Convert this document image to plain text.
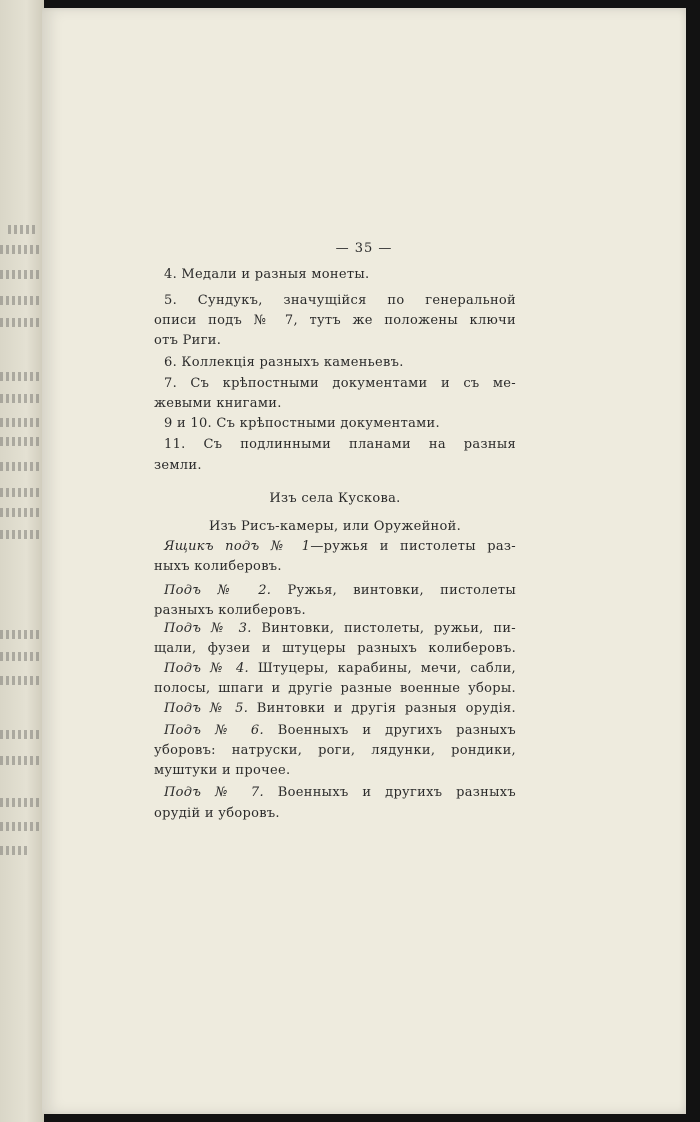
— 35 —
4. Медали и разныя монеты.
5. Сундукъ, значущійся по генеральной
описи подъ № 7, тутъ же положены ключи
отъ Риги.
6. Коллекція разныхъ каменьевъ.
7. Съ крѣпостными документами и съ ме-
жевыми книгами.
9 и 10. Съ крѣпостными документами.
11. Съ подлинными планами на разныя
земли.
Изъ села Кускова.
Изъ Рисъ-камеры, или Оружейной.
Ящикъ подъ № 1—ружья и пистолеты раз-
ныхъ колиберовъ.
Подъ № 2. Ружья, винтовки, пистолеты
разныхъ колиберовъ.
Подъ № 3. Винтовки, пистолеты, ружьи, пи-
щали, фузеи и штуцеры разныхъ колиберовъ.
Подъ № 4. Штуцеры, карабины, мечи, сабли,
полосы, шпаги и другіе разные военные уборы.
Подъ № 5. Винтовки и другія разныя орудія.
Подъ № 6. Военныхъ и другихъ разныхъ
уборовъ: натруски, роги, лядунки, рондики,
муштуки и прочее.
Подъ № 7. Военныхъ и другихъ разныхъ
орудій и уборовъ.
